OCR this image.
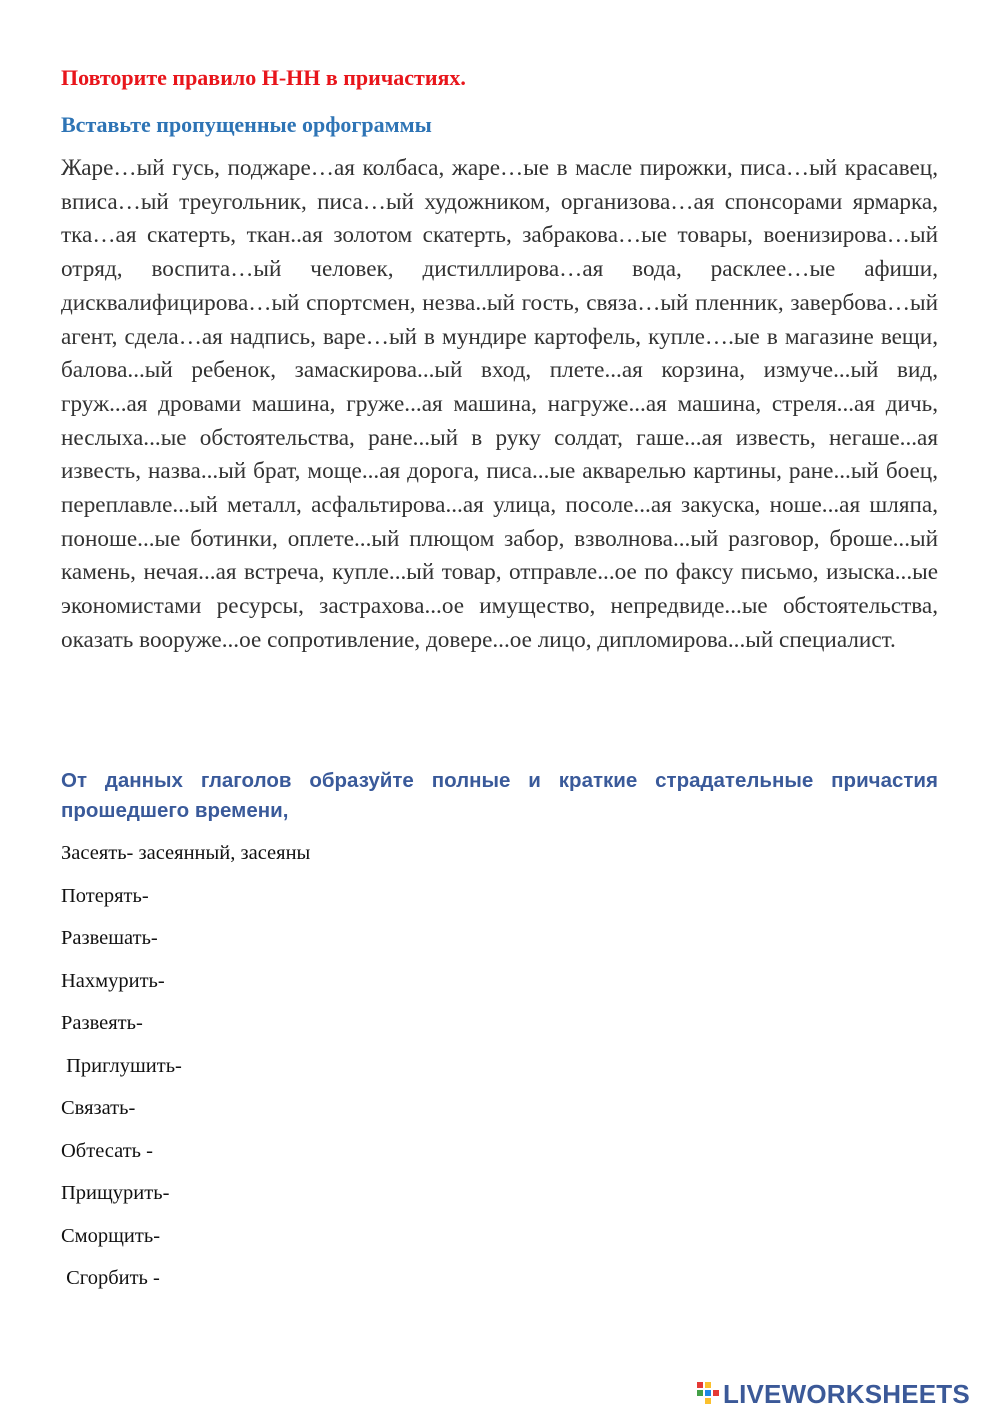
Повторите правило Н-НН в причастиях.
Вставьте пропущенные орфограммы

Жаре…ый гусь, поджаре…ая колбаса, жаре…ые в масле пирожки, писа…ый красавец, вписа…ый треугольник, писа…ый художником, организова…ая спонсорами ярмарка, тка…ая скатерть, ткан..ая золотом скатерть, забракова…ые товары, военизирова…ый отряд, воспита…ый человек, дистиллирова…ая вода, расклее…ые афиши, дисквалифицирова…ый спортсмен, незва..ый гость, связа…ый пленник, завербова…ый агент, сдела…ая надпись, варе…ый в мундире картофель, купле….ые в магазине вещи, балова...ый ребенок, замаскирова...ый вход, плете...ая корзина, измуче...ый вид, груж...ая дровами машина, груже...ая машина, нагруже...ая машина, стреля...ая дичь, неслыха...ые обстоятельства, ране...ый в руку солдат, гаше...ая известь, негаше...ая известь, назва...ый брат, моще...ая дорога, писа...ые акварелью картины, ране...ый боец, переплавле...ый металл, асфальтирова...ая улица, посоле...ая закуска, ноше...ая шляпа, поноше...ые ботинки, оплете...ый плющом забор, взволнова...ый разговор, броше...ый камень, нечая...ая встреча, купле...ый товар, отправле...ое по факсу письмо, изыска...ые экономистами ресурсы, застрахова...ое имущество, непредвиде...ые обстоятельства, оказать вооруже...ое сопротивление, довере...ое лицо, дипломирова...ый специалист.

От данных глаголов образуйте полные и краткие страдательные причастия прошедшего времени,

Засеять- засеянный, засеяны
Потерять-
Развешать-
Нахмурить-
Развеять-
Приглушить-
Связать-
Обтесать -
Прищурить-
Сморщить-
Сгорбить -
LIVEWORKSHEETS
